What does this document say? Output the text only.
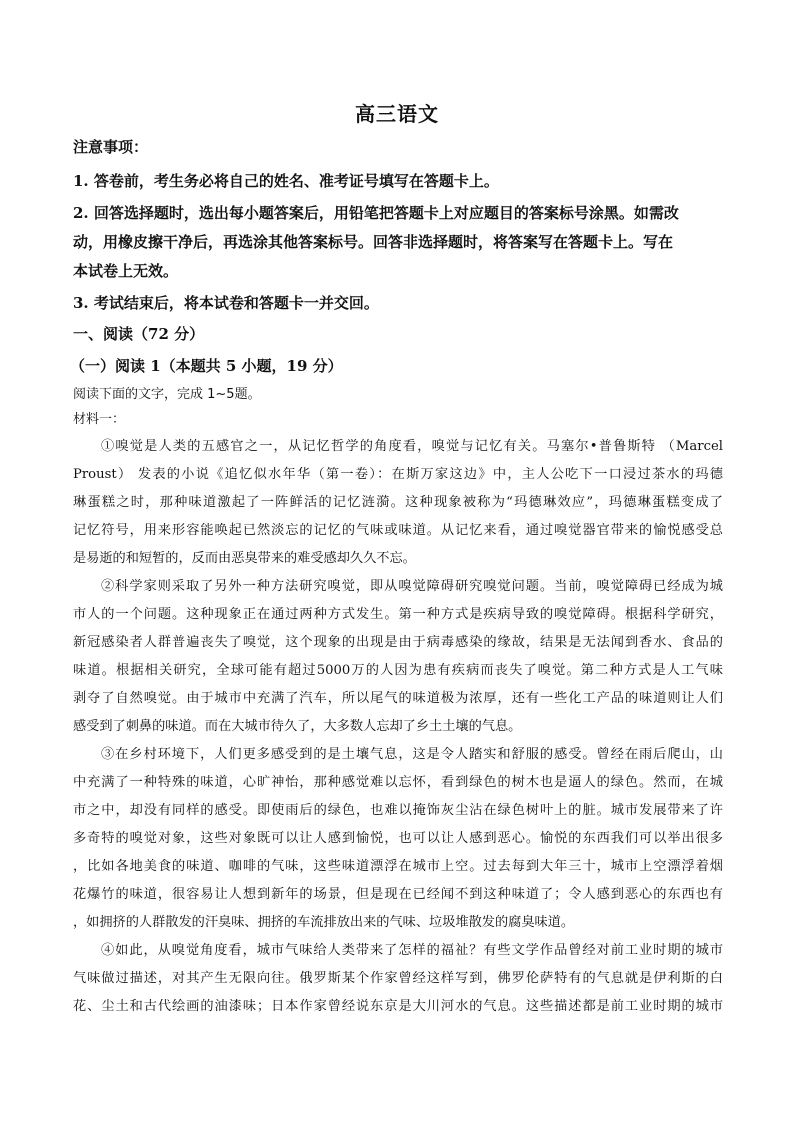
高三语文
注意事项：
1. 答卷前，考生务必将自己的姓名、准考证号填写在答题卡上。
2. 回答选择题时，选出每小题答案后，用铅笔把答题卡上对应题目的答案标号涂黑。如需改
动，用橡皮擦干净后，再选涂其他答案标号。回答非选择题时，将答案写在答题卡上。写在
本试卷上无效。
3. 考试结束后，将本试卷和答题卡一并交回。
一、阅读（72 分）
（一）阅读 1（本题共 5 小题，19 分）
阅读下面的文字，完成 1~5题。
材料一：
①嗅觉是人类的五感官之一，从记忆哲学的角度看，嗅觉与记忆有关。马塞尔•普鲁斯特 （Marcel
Proust） 发表的小说《追忆似水年华（第一卷）：在斯万家这边》中，主人公吃下一口浸过茶水的玛德
琳蛋糕之时，那种味道激起了一阵鲜活的记忆涟漪。这种现象被称为“玛德琳效应”，玛德琳蛋糕变成了
记忆符号，用来形容能唤起已然淡忘的记忆的气味或味道。从记忆来看，通过嗅觉器官带来的愉悦感受总
是易逝的和短暂的，反而由恶臭带来的难受感却久久不忘。
②科学家则采取了另外一种方法研究嗅觉，即从嗅觉障碍研究嗅觉问题。当前，嗅觉障碍已经成为城
市人的一个问题。这种现象正在通过两种方式发生。第一种方式是疾病导致的嗅觉障碍。根据科学研究，
新冠感染者人群普遍丧失了嗅觉，这个现象的出现是由于病毒感染的缘故，结果是无法闻到香水、食品的
味道。根据相关研究，全球可能有超过5000万的人因为患有疾病而丧失了嗅觉。第二种方式是人工气味
剥夺了自然嗅觉。由于城市中充满了汽车，所以尾气的味道极为浓厚，还有一些化工产品的味道则让人们
感受到了刺鼻的味道。而在大城市待久了，大多数人忘却了乡土土壤的气息。
③在乡村环境下，人们更多感受到的是土壤气息，这是令人踏实和舒服的感受。曾经在雨后爬山，山
中充满了一种特殊的味道，心旷神怡，那种感觉难以忘怀，看到绿色的树木也是逼人的绿色。然而，在城
市之中，却没有同样的感受。即使雨后的绿色，也难以掩饰灰尘沾在绿色树叶上的脏。城市发展带来了许
多奇特的嗅觉对象，这些对象既可以让人感到愉悦，也可以让人感到恶心。愉悦的东西我们可以举出很多
，比如各地美食的味道、咖啡的气味，这些味道漂浮在城市上空。过去每到大年三十，城市上空漂浮着烟
花爆竹的味道，很容易让人想到新年的场景，但是现在已经闻不到这种味道了；令人感到恶心的东西也有
，如拥挤的人群散发的汗臭味、拥挤的车流排放出来的气味、垃圾堆散发的腐臭味道。
④如此，从嗅觉角度看，城市气味给人类带来了怎样的福祉？有些文学作品曾经对前工业时期的城市
气味做过描述，对其产生无限向往。俄罗斯某个作家曾经这样写到，佛罗伦萨特有的气息就是伊利斯的白
花、尘土和古代绘画的油漆味；日本作家曾经说东京是大川河水的气息。这些描述都是前工业时期的城市
